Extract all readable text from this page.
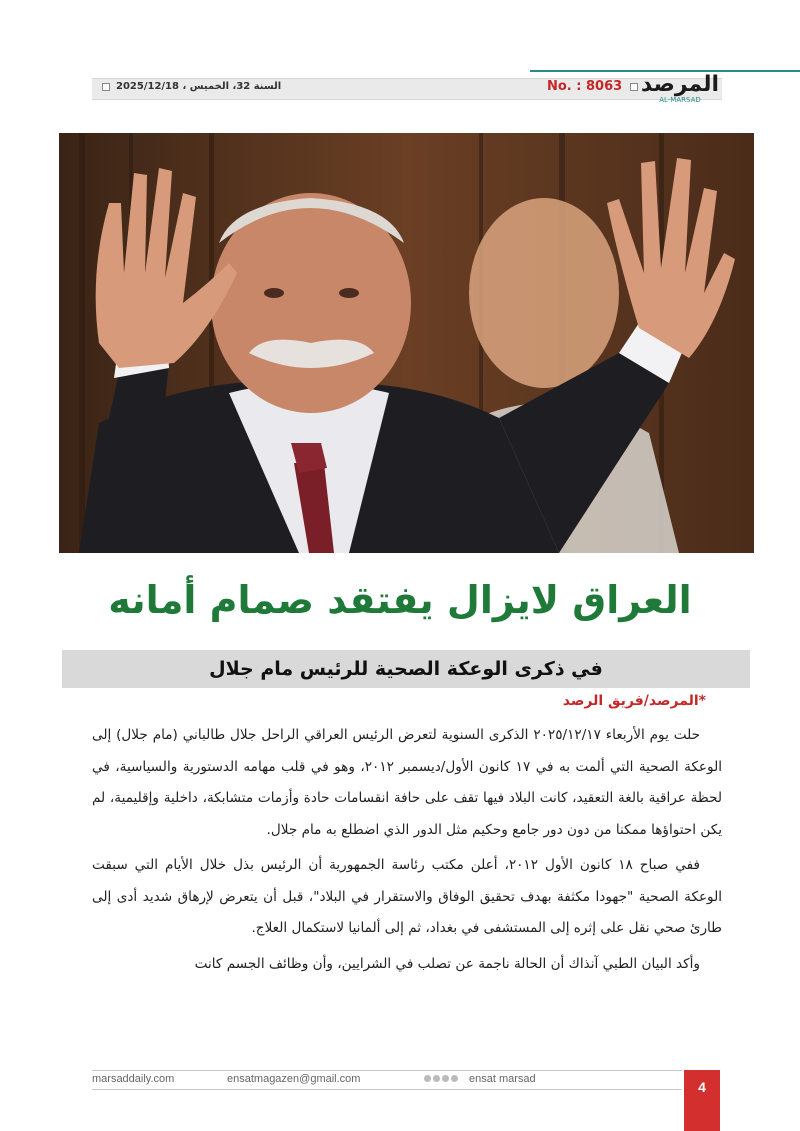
السنة 32، الخميس ، 2025/12/18	No. : 8063 المرصد
AL-MARSAD
العراق لايزال يفتقد صمام أمانه
في ذكرى الوعكة الصحية للرئيس مام جلال
*المرصد/فريق الرصد

حلت يوم الأربعاء ٢٠٢٥/١٢/١٧ الذكرى السنوية لتعرض الرئيس العراقي الراحل جلال طالباني (مام جلال) إلى الوعكة الصحية التي ألمت به في ١٧ كانون الأول/ديسمبر ٢٠١٢، وهو في قلب مهامه الدستورية والسياسية، في لحظة عراقية بالغة التعقيد، كانت البلاد فيها تقف على حافة انقسامات حادة وأزمات متشابكة، داخلية وإقليمية، لم يكن احتواؤها ممكنا من دون دور جامع وحكيم مثل الدور الذي اضطلع به مام جلال.

ففي صباح ١٨ كانون الأول ٢٠١٢، أعلن مكتب رئاسة الجمهورية أن الرئيس بذل خلال الأيام التي سبقت الوعكة الصحية "جهودا مكثفة بهدف تحقيق الوفاق والاستقرار في البلاد"، قبل أن يتعرض لإرهاق شديد أدى إلى طارئ صحي نقل على إثره إلى المستشفى في بغداد، ثم إلى ألمانيا لاستكمال العلاج.

وأكد البيان الطبي آنذاك أن الحالة ناجمة عن تصلب في الشرايين، وأن وظائف الجسم كانت

marsaddaily.com	ensatmagazen@gmail.com	ensat marsad	4
